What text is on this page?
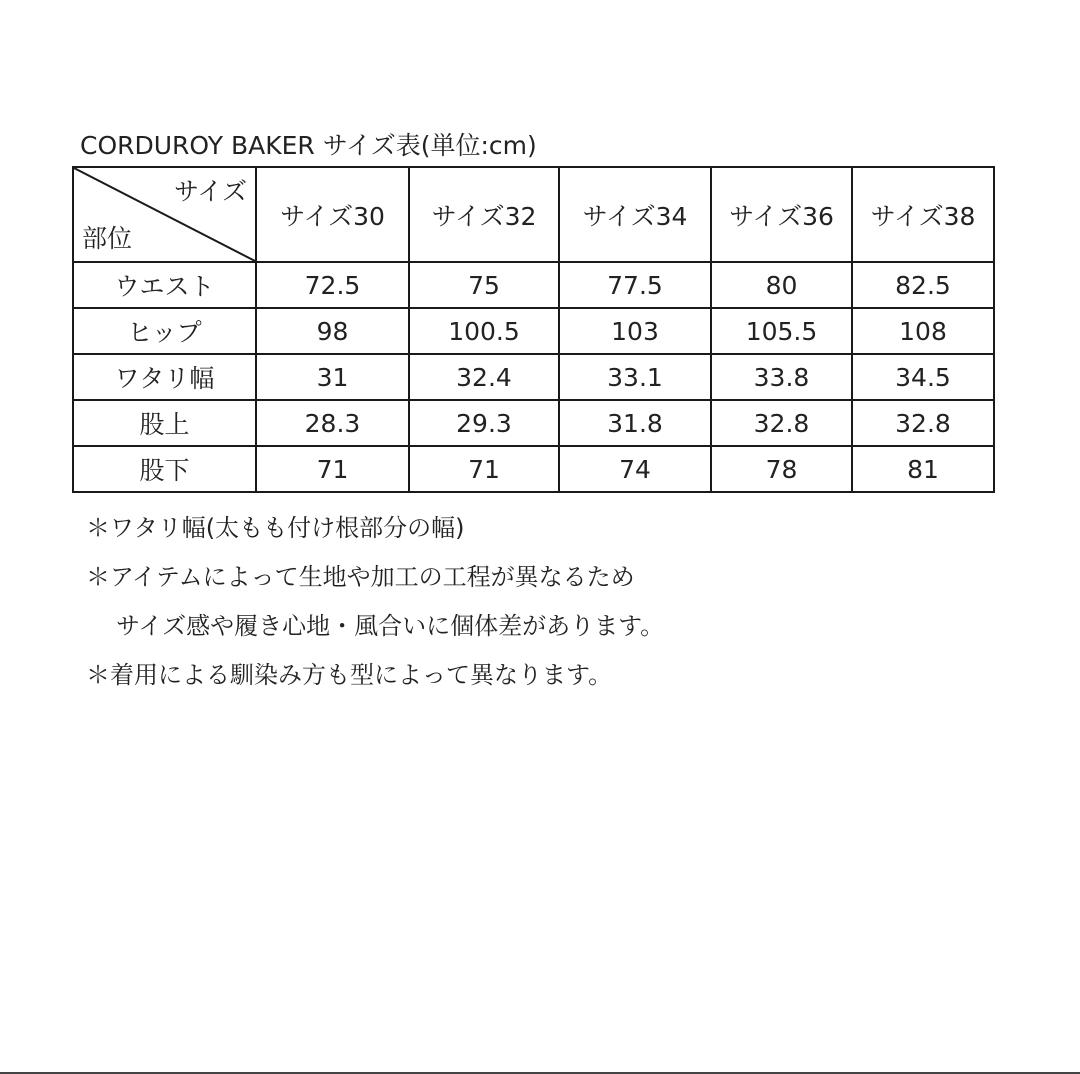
CORDUROY BAKER サイズ表(単位:cm)
サイズ
部位	サイズ30	サイズ32	サイズ34	サイズ36	サイズ38
ウエスト	72.5	75	77.5	80	82.5
ヒップ	98	100.5	103	105.5	108
ワタリ幅	31	32.4	33.1	33.8	34.5
股上	28.3	29.3	31.8	32.8	32.8
股下	71	71	74	78	81
＊ワタリ幅(太もも付け根部分の幅)
＊アイテムによって生地や加工の工程が異なるため
サイズ感や履き心地・風合いに個体差があります。
＊着用による馴染み方も型によって異なります。
